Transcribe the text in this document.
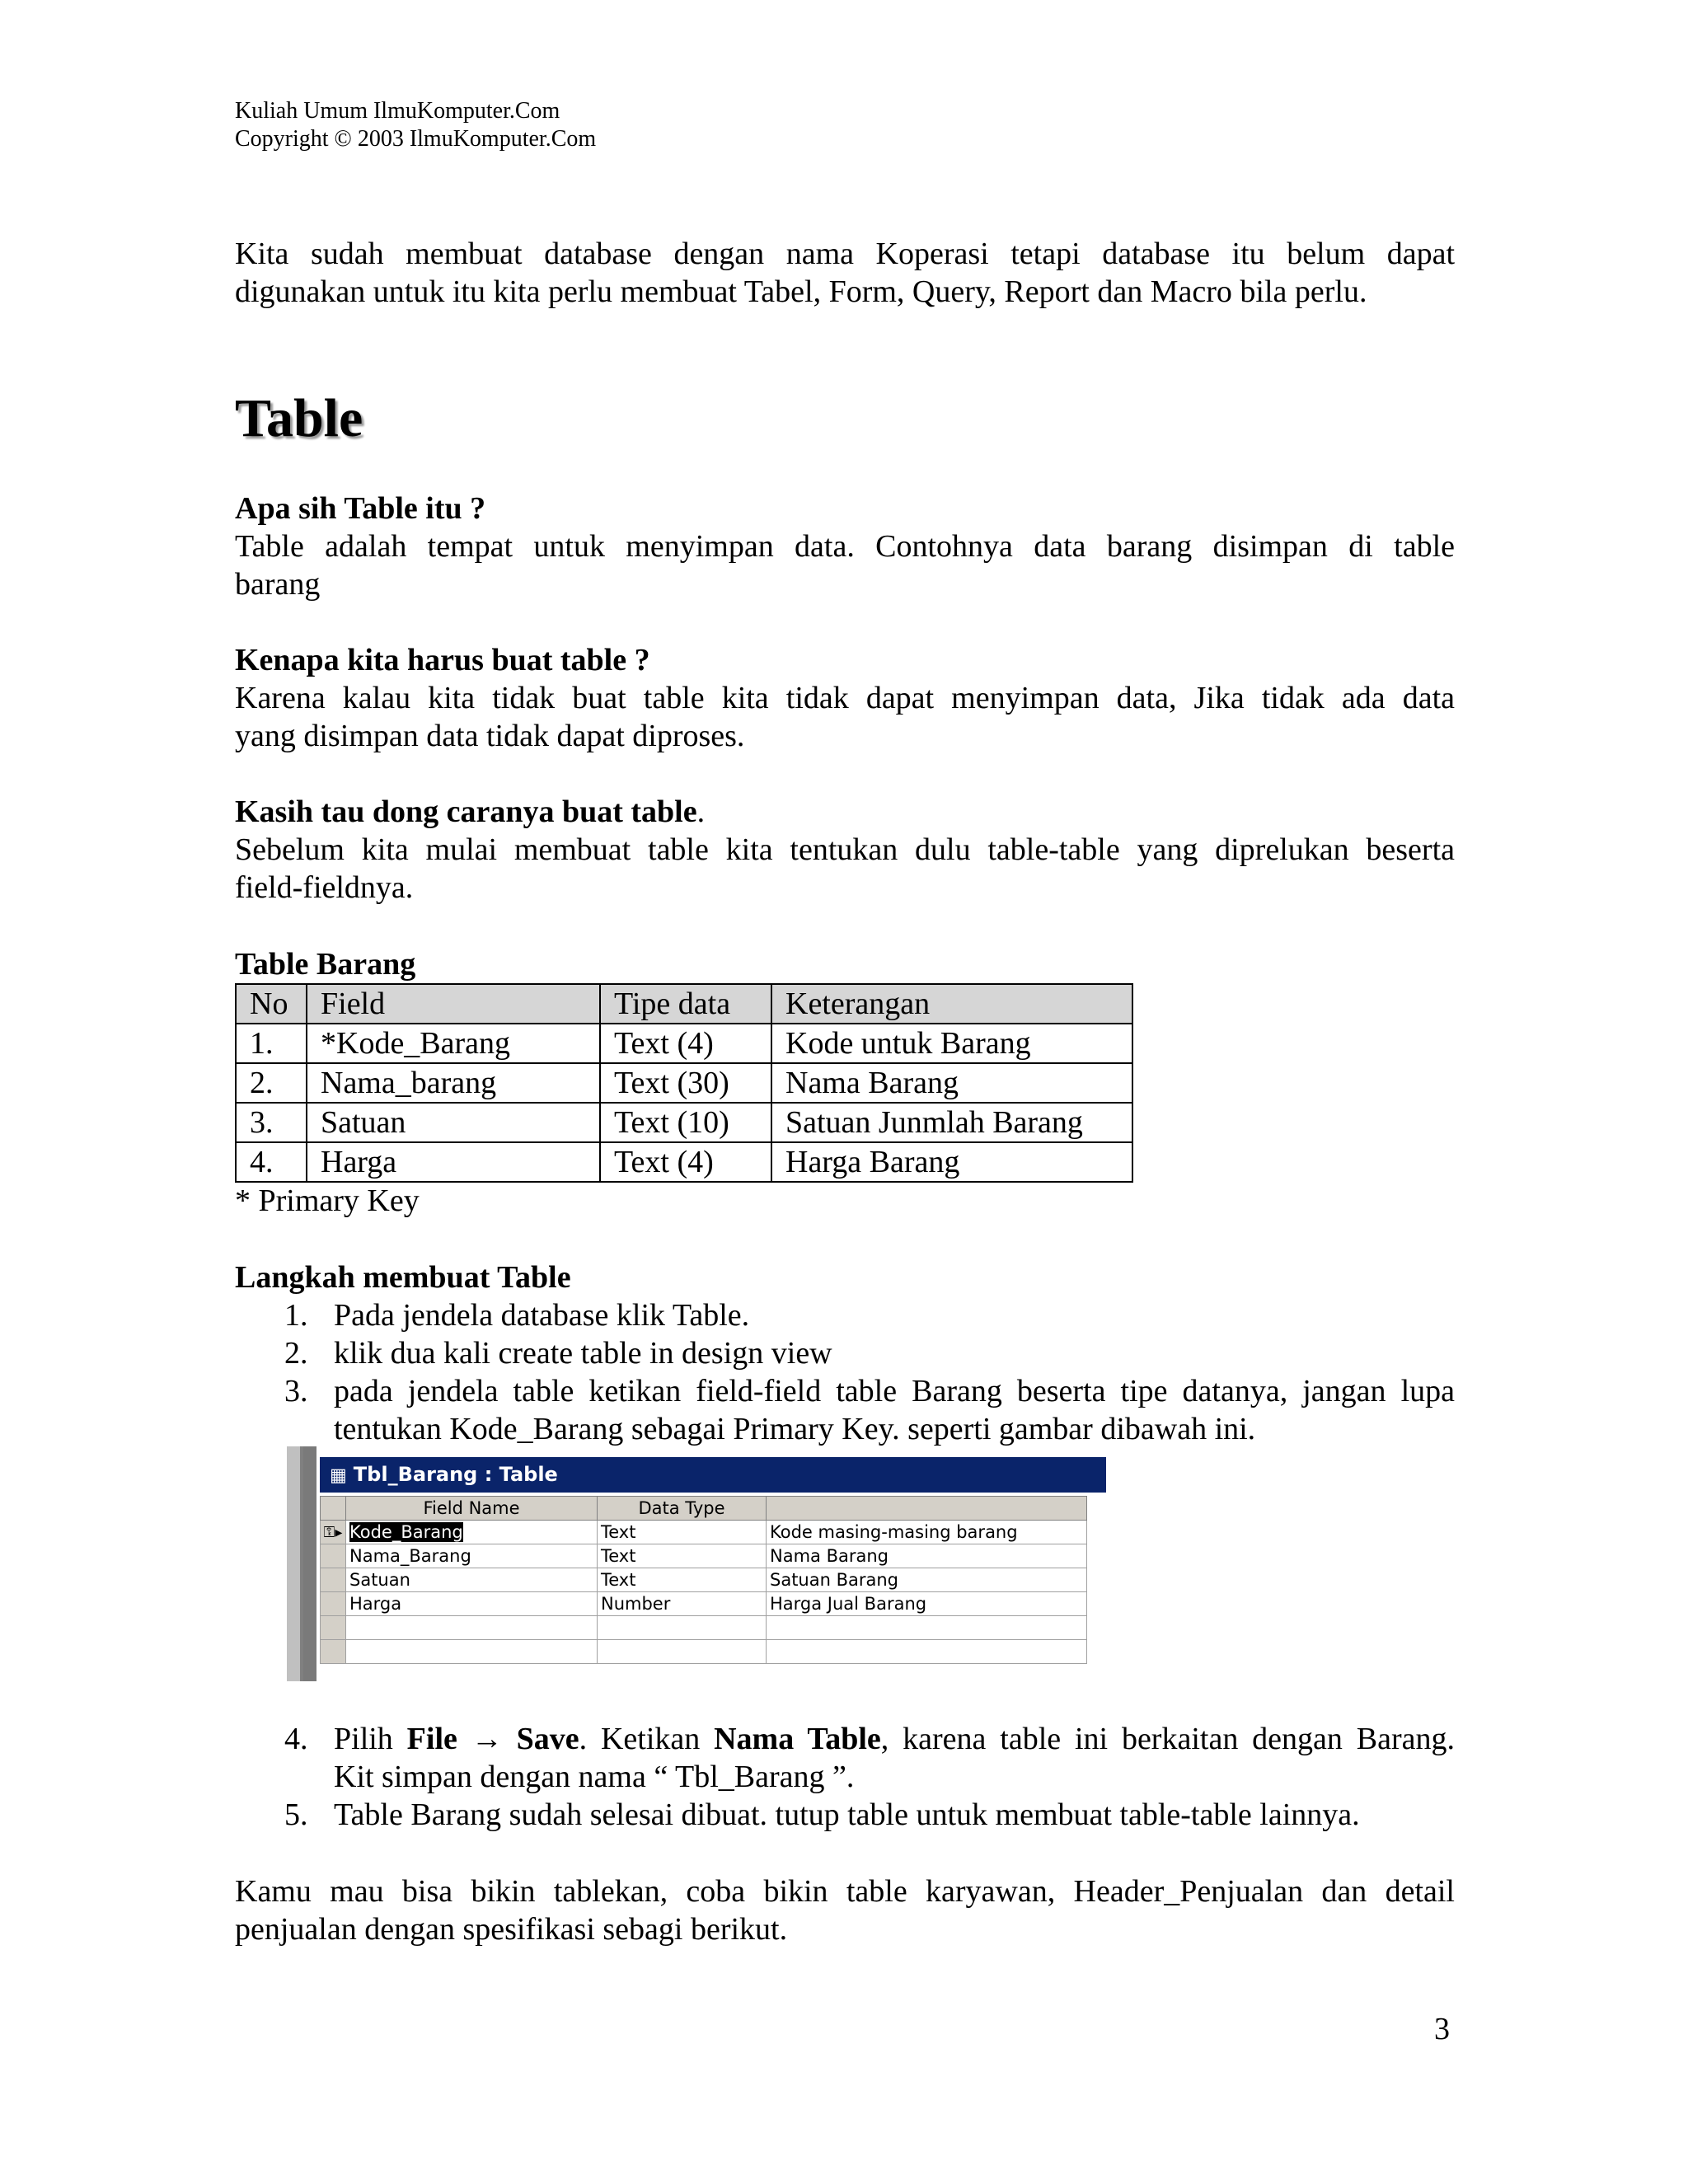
Kuliah Umum IlmuKomputer.Com
Copyright © 2003 IlmuKomputer.Com
Kita sudah membuat database dengan nama Koperasi tetapi database itu belum dapat
digunakan untuk itu kita perlu membuat Tabel, Form, Query, Report dan Macro bila perlu.
Table
Apa sih Table itu ?
Table adalah tempat untuk menyimpan data. Contohnya data barang disimpan di table
barang
Kenapa kita harus buat table ?
Karena kalau kita tidak buat table kita tidak dapat menyimpan data, Jika tidak ada data
yang disimpan data tidak dapat diproses.
Kasih tau dong caranya buat table.
Sebelum kita mulai membuat table kita tentukan dulu table-table yang diprelukan beserta
field-fieldnya.
Table Barang
No	Field	Tipe data	Keterangan
1.	*Kode_Barang	Text (4)	Kode untuk Barang
2.	Nama_barang	Text (30)	Nama Barang
3.	Satuan	Text (10)	Satuan Junmlah Barang
4.	Harga	Text (4)	Harga Barang
* Primary Key
Langkah membuat Table
1. Pada jendela database klik Table.
2. klik dua kali create table in design view
3. pada jendela table ketikan field-field table Barang beserta tipe datanya, jangan lupa
tentukan Kode_Barang sebagai Primary Key. seperti gambar dibawah ini.
▦ Tbl_Barang : Table
	Field Name	Data Type	
⚿▸	Kode_Barang	Text	Kode masing-masing barang
	Nama_Barang	Text	Nama Barang
	Satuan	Text	Satuan Barang
	Harga	Number	Harga Jual Barang

4. Pilih File → Save. Ketikan Nama Table, karena table ini berkaitan dengan Barang.
Kit simpan dengan nama “ Tbl_Barang ”.
5. Table Barang sudah selesai dibuat. tutup table untuk membuat table-table lainnya.
Kamu mau bisa bikin tablekan, coba bikin table karyawan, Header_Penjualan dan detail
penjualan dengan spesifikasi sebagi berikut.
3
